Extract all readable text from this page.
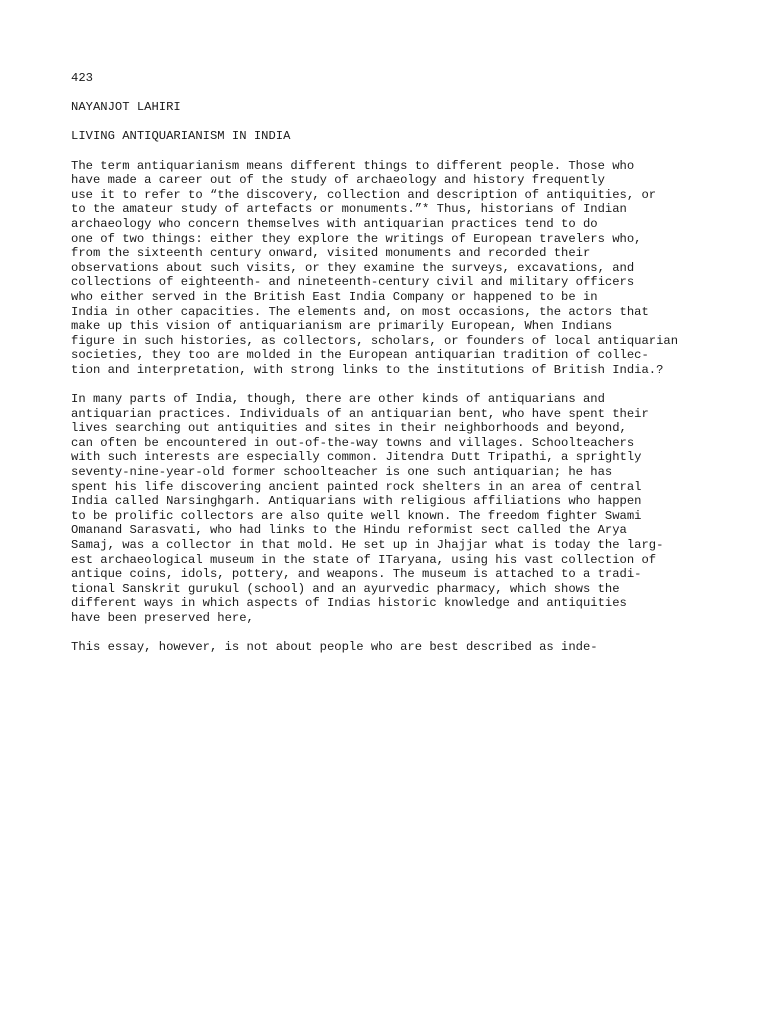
423
NAYANJOT LAHIRI
LIVING ANTIQUARIANISM IN INDIA
The term antiquarianism means different things to different people. Those who
have made a career out of the study of archaeology and history frequently
use it to refer to “the discovery, collection and description of antiquities, or
to the amateur study of artefacts or monuments.”* Thus, historians of Indian
archaeology who concern themselves with antiquarian practices tend to do
one of two things: either they explore the writings of European travelers who,
from the sixteenth century onward, visited monuments and recorded their
observations about such visits, or they examine the surveys, excavations, and
collections of eighteenth- and nineteenth-century civil and military officers
who either served in the British East India Company or happened to be in
India in other capacities. The elements and, on most occasions, the actors that
make up this vision of antiquarianism are primarily European, When Indians
figure in such histories, as collectors, scholars, or founders of local antiquarian
societies, they too are molded in the European antiquarian tradition of collec-
tion and interpretation, with strong links to the institutions of British India.?
In many parts of India, though, there are other kinds of antiquarians and
antiquarian practices. Individuals of an antiquarian bent, who have spent their
lives searching out antiquities and sites in their neighborhoods and beyond,
can often be encountered in out-of-the-way towns and villages. Schoolteachers
with such interests are especially common. Jitendra Dutt Tripathi, a sprightly
seventy-nine-year-old former schoolteacher is one such antiquarian; he has
spent his life discovering ancient painted rock shelters in an area of central
India called Narsinghgarh. Antiquarians with religious affiliations who happen
to be prolific collectors are also quite well known. The freedom fighter Swami
Omanand Sarasvati, who had links to the Hindu reformist sect called the Arya
Samaj, was a collector in that mold. He set up in Jhajjar what is today the larg-
est archaeological museum in the state of ITaryana, using his vast collection of
antique coins, idols, pottery, and weapons. The museum is attached to a tradi-
tional Sanskrit gurukul (school) and an ayurvedic pharmacy, which shows the
different ways in which aspects of Indias historic knowledge and antiquities
have been preserved here,
This essay, however, is not about people who are best described as inde-
